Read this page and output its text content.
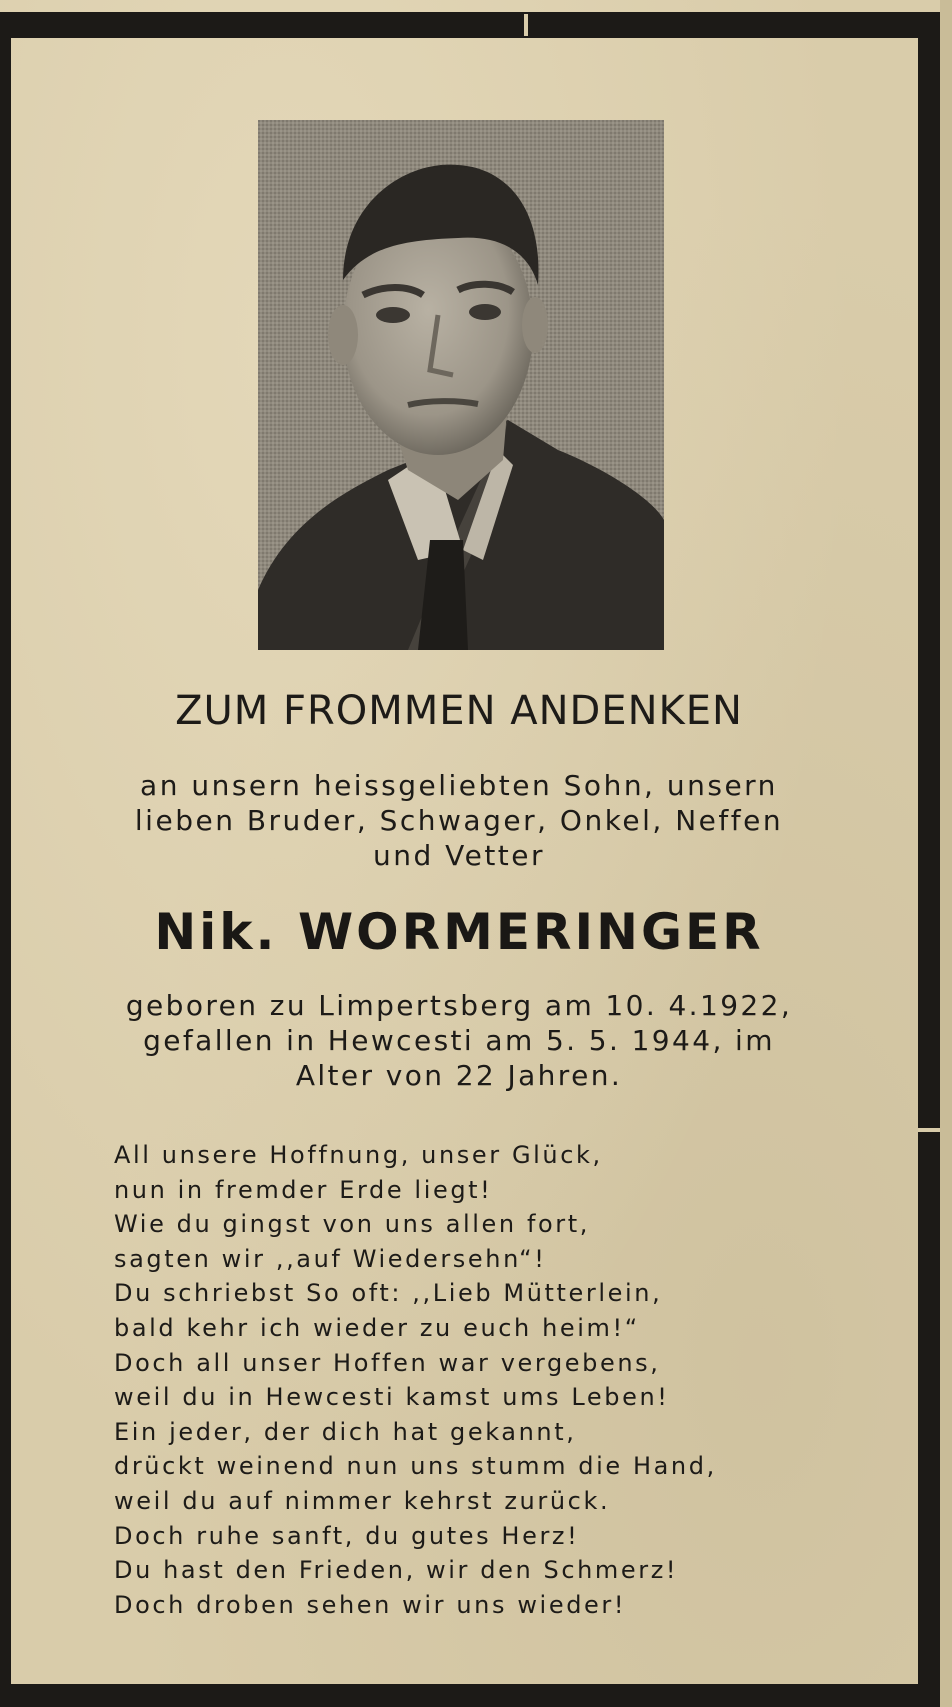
ZUM FROMMEN ANDENKEN
an unsern heissgeliebten Sohn, unsern
lieben Bruder, Schwager, Onkel, Neffen
und Vetter
Nik. WORMERINGER
geboren zu Limpertsberg am 10. 4.1922,
gefallen in Hewcesti am 5. 5. 1944, im
Alter von 22 Jahren.
All unsere Hoffnung, unser Glück,
nun in fremder Erde liegt!
Wie du gingst von uns allen fort,
sagten wir ,,auf Wiedersehn“!
Du schriebst So oft: ,,Lieb Mütterlein,
bald kehr ich wieder zu euch heim!“
Doch all unser Hoffen war vergebens,
weil du in Hewcesti kamst ums Leben!
Ein jeder, der dich hat gekannt,
drückt weinend nun uns stumm die Hand,
weil du auf nimmer kehrst zurück.
Doch ruhe sanft, du gutes Herz!
Du hast den Frieden, wir den Schmerz!
Doch droben sehen wir uns wieder!
